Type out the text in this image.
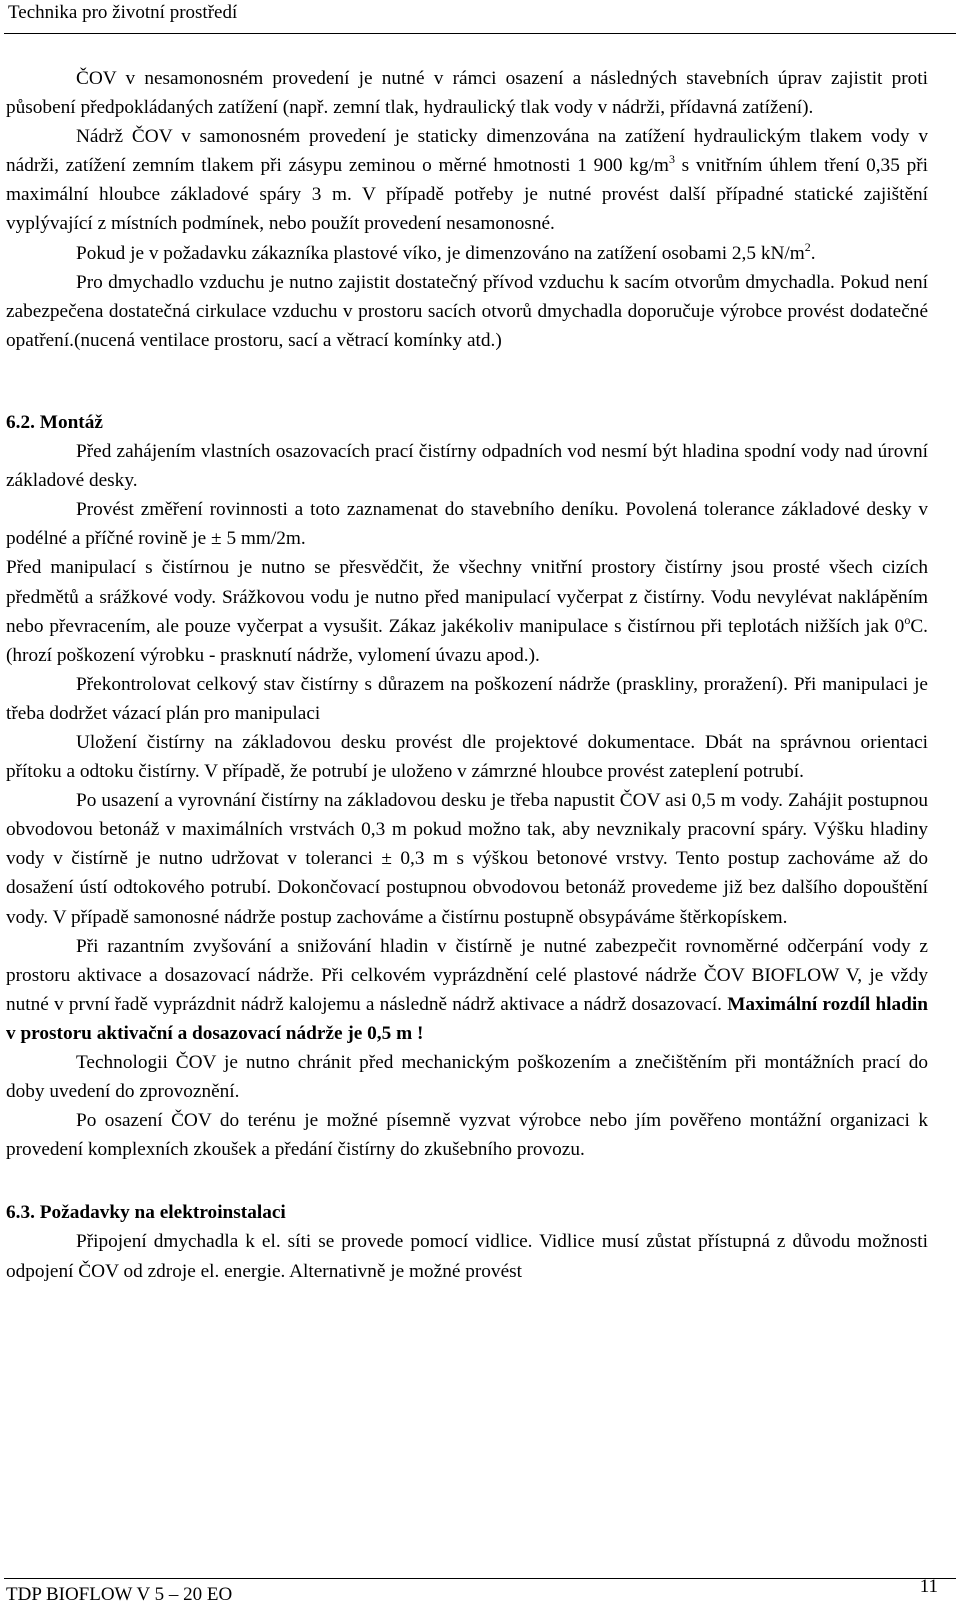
Technika pro životní prostředí

ČOV v nesamonosném provedení je nutné v rámci osazení a následných stavebních úprav zajistit proti působení předpokládaných zatížení (např. zemní tlak, hydraulický tlak vody v nádrži, přídavná zatížení).

Nádrž ČOV v samonosném provedení je staticky dimenzována na zatížení hydraulickým tlakem vody v nádrži, zatížení zemním tlakem při zásypu zeminou o měrné hmotnosti 1 900 $kg/m^3$ s vnitřním úhlem tření 0,35 při maximální hloubce základové spáry 3 m. V případě potřeby je nutné provést další případné statické zajištění vyplývající z místních podmínek, nebo použít provedení nesamonosné.

Pokud je v požadavku zákazníka plastové víko, je dimenzováno na zatížení osobami 2,5 $kN/m^2$.

Pro dmychadlo vzduchu je nutno zajistit dostatečný přívod vzduchu k sacím otvorům dmychadla. Pokud není zabezpečena dostatečná cirkulace vzduchu v prostoru sacích otvorů dmychadla doporučuje výrobce provést dodatečné opatření.(nucená ventilace prostoru, sací a větrací komínky atd.)

6.2. Montáž

Před zahájením vlastních osazovacích prací čistírny odpadních vod nesmí být hladina spodní vody nad úrovní základové desky.

Provést změření rovinnosti a toto zaznamenat do stavebního deníku. Povolená tolerance základové desky v podélné a příčné rovině je ± 5 mm/2m.

Před manipulací s čistírnou je nutno se přesvědčit, že všechny vnitřní prostory čistírny jsou prosté všech cizích předmětů a srážkové vody. Srážkovou vodu je nutno před manipulací vyčerpat z čistírny. Vodu nevylévat naklápěním nebo převracením, ale pouze vyčerpat a vysušit. Zákaz jakékoliv manipulace s čistírnou při teplotách nižších jak 0$^o$C. (hrozí poškození výrobku - prasknutí nádrže, vylomení úvazu apod.).

Překontrolovat celkový stav čistírny s důrazem na poškození nádrže (praskliny, proražení). Při manipulaci je třeba dodržet vázací plán pro manipulaci

Uložení čistírny na základovou desku provést dle projektové dokumentace. Dbát na správnou orientaci přítoku a odtoku čistírny. V případě, že potrubí je uloženo v zámrzné hloubce provést zateplení potrubí.

Po usazení a vyrovnání čistírny na základovou desku je třeba napustit ČOV asi 0,5 m vody. Zahájit postupnou obvodovou betonáž v maximálních vrstvách 0,3 m pokud možno tak, aby nevznikaly pracovní spáry. Výšku hladiny vody v čistírně je nutno udržovat v toleranci ± 0,3 m s výškou betonové vrstvy. Tento postup zachováme až do dosažení ústí odtokového potrubí. Dokončovací postupnou obvodovou betonáž provedeme již bez dalšího dopouštění vody. V případě samonosné nádrže postup zachováme a čistírnu postupně obsypáváme štěrkopískem.

Při razantním zvyšování a snižování hladin v čistírně je nutné zabezpečit rovnoměrné odčerpání vody z prostoru aktivace a dosazovací nádrže. Při celkovém vyprázdnění celé plastové nádrže ČOV BIOFLOW V, je vždy nutné v první řadě vyprázdnit nádrž kalojemu a následně nádrž aktivace a nádrž dosazovací. Maximální rozdíl hladin v prostoru aktivační a dosazovací nádrže je 0,5 m !

Technologii ČOV je nutno chránit před mechanickým poškozením a znečištěním při montážních prací do doby uvedení do zprovoznění.

Po osazení ČOV do terénu je možné písemně vyzvat výrobce nebo jím pověřeno montážní organizaci k provedení komplexních zkoušek a předání čistírny do zkušebního provozu.

6.3. Požadavky na elektroinstalaci

Připojení dmychadla k el. síti se provede pomocí vidlice. Vidlice musí zůstat přístupná z důvodu možnosti odpojení ČOV od zdroje el. energie. Alternativně je možné provést

TDP BIOFLOW V 5 – 20 EO	11
